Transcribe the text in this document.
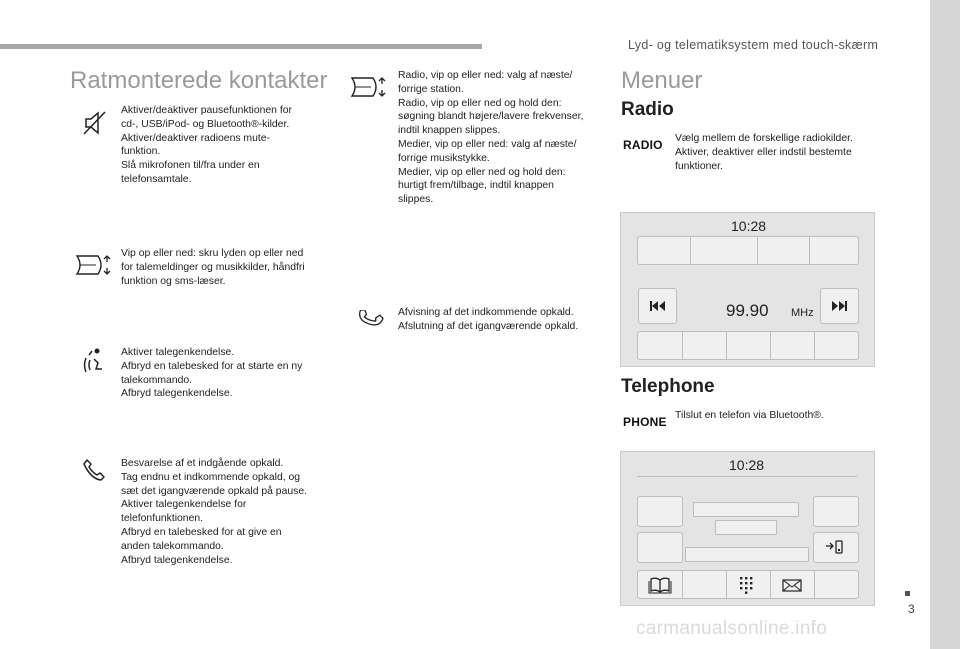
Lyd- og telematiksystem med touch-skærm
Ratmonterede kontakter

Aktiver/deaktiver pausefunktionen for

cd-, USB/iPod- og Bluetooth®-kilder.

Aktiver/deaktiver radioens mute-

funktion.

Slå mikrofonen til/fra under en

telefonsamtale.

Vip op eller ned: skru lyden op eller ned

for talemeldinger og musikkilder, håndfri

funktion og sms-læser.

Aktiver talegenkendelse.

Afbryd en talebesked for at starte en ny

talekommando.

Afbryd talegenkendelse.

Besvarelse af et indgående opkald.

Tag endnu et indkommende opkald, og

sæt det igangværende opkald på pause.

Aktiver talegenkendelse for

telefonfunktionen.

Afbryd en talebesked for at give en

anden talekommando.

Afbryd talegenkendelse.

Radio, vip op eller ned: valg af næste/

forrige station.

Radio, vip op eller ned og hold den:

søgning blandt højere/lavere frekvenser,

indtil knappen slippes.

Medier, vip op eller ned: valg af næste/

forrige musikstykke.

Medier, vip op eller ned og hold den:

hurtigt frem/tilbage, indtil knappen

slippes.

Afvisning af det indkommende opkald.

Afslutning af det igangværende opkald.

Menuer
Radio
RADIO Vælg mellem de forskellige radiokilder.

Aktiver, deaktiver eller indstil bestemte

funktioner.

10:28
99.90 MHz
Telephone
PHONE Tilslut en telefon via Bluetooth®.
10:28
3
carmanualsonline.info
